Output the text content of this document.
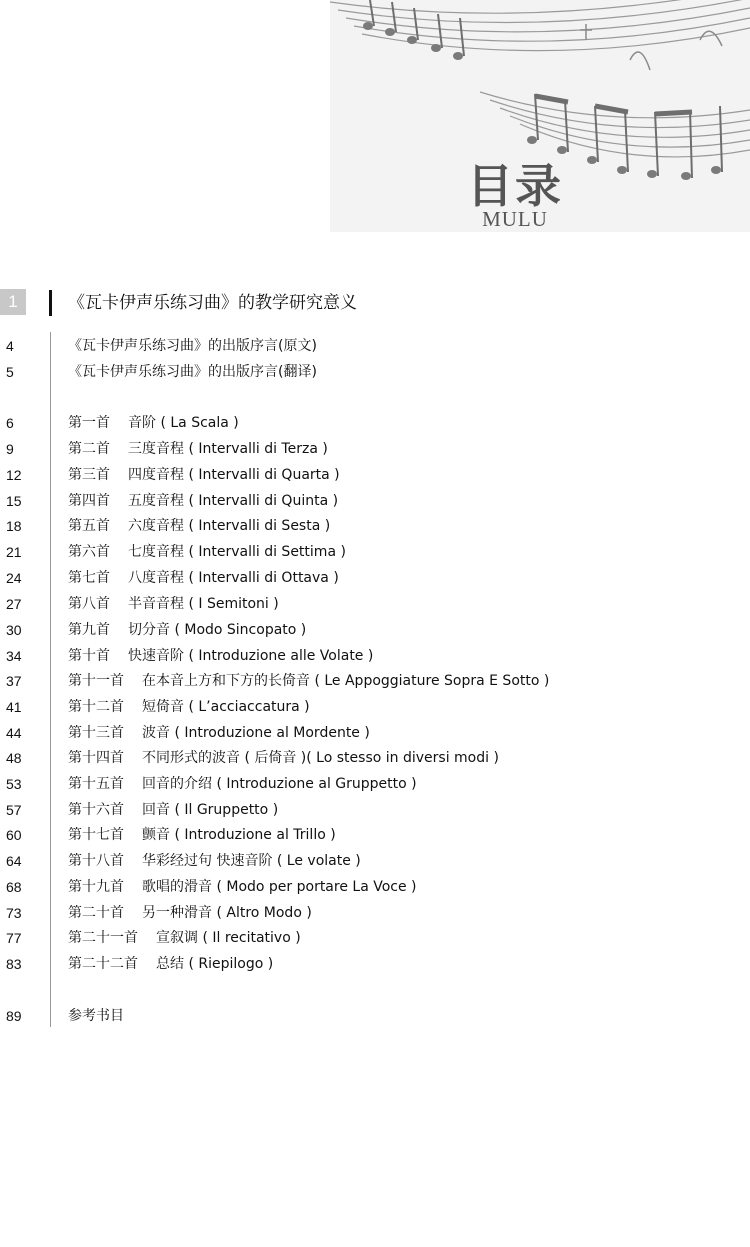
目录
MULU
1	《瓦卡伊声乐练习曲》的教学研究意义
4	《瓦卡伊声乐练习曲》的出版序言(原文)
5	《瓦卡伊声乐练习曲》的出版序言(翻译)
6	第一首 音阶 ( La Scala )
9	第二首 三度音程 ( Intervalli di Terza )
12	第三首 四度音程 ( Intervalli di Quarta )
15	第四首 五度音程 ( Intervalli di Quinta )
18	第五首 六度音程 ( Intervalli di Sesta )
21	第六首 七度音程 ( Intervalli di Settima )
24	第七首 八度音程 ( Intervalli di Ottava )
27	第八首 半音音程 ( I Semitoni )
30	第九首 切分音 ( Modo Sincopato )
34	第十首 快速音阶 ( Introduzione alle Volate )
37	第十一首 在本音上方和下方的长倚音 ( Le Appoggiature Sopra E Sotto )
41	第十二首 短倚音 ( L’acciaccatura )
44	第十三首 波音 ( Introduzione al Mordente )
48	第十四首 不同形式的波音 ( 后倚音 )( Lo stesso in diversi modi )
53	第十五首 回音的介绍 ( Introduzione al Gruppetto )
57	第十六首 回音 ( Il Gruppetto )
60	第十七首 颤音 ( Introduzione al Trillo )
64	第十八首 华彩经过句 快速音阶 ( Le volate )
68	第十九首 歌唱的滑音 ( Modo per portare La Voce )
73	第二十首 另一种滑音 ( Altro Modo )
77	第二十一首 宣叙调 ( Il recitativo )
83	第二十二首 总结 ( Riepilogo )
89	参考书目
